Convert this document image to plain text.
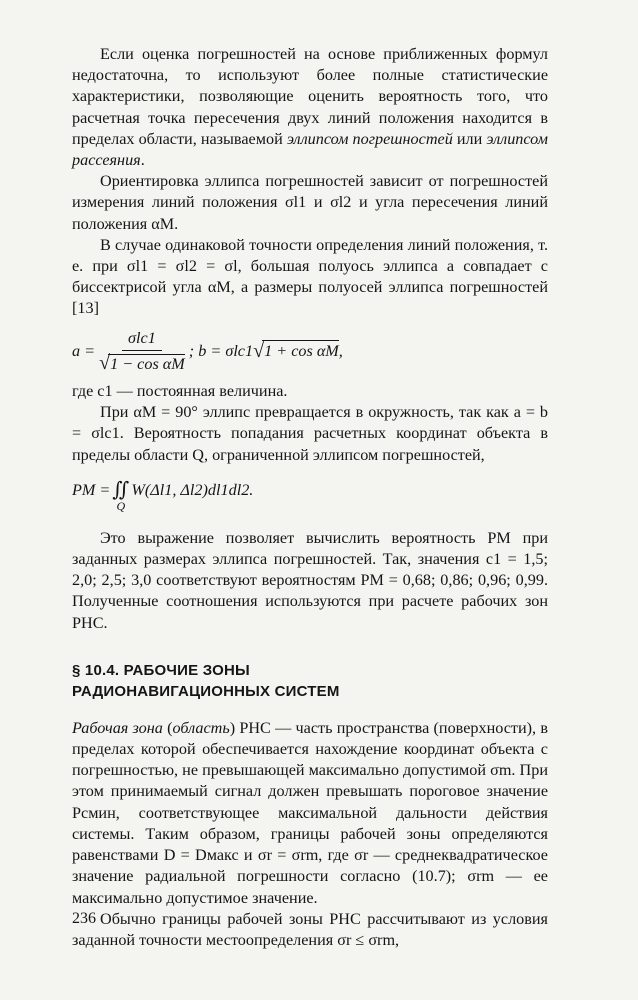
Если оценка погрешностей на основе приближенных формул недостаточна, то используют более полные статистические характеристики, позволяющие оценить вероятность того, что расчетная точка пересечения двух линий положения находится в пределах области, называемой эллипсом погрешностей или эллипсом рассеяния.

Ориентировка эллипса погрешностей зависит от погрешностей измерения линий положения σl1 и σl2 и угла пересечения линий положения αM.

В случае одинаковой точности определения линий положения, т. е. при σl1 = σl2 = σl, большая полуось эллипса a совпадает с биссектрисой угла αM, а размеры полуосей эллипса погрешностей [13]

$a = \frac{\text{σlc1}}{\text{√1 − cos αM}}$ ; b = σlc1 √ 1 + cos αM ,

где c1 — постоянная величина.

При αM = 90° эллипс превращается в окружность, так как a = b = σlc1. Вероятность попадания расчетных координат объекта в пределы области Q, ограниченной эллипсом погрешностей,

PM = ∬
Q
W(Δl1, Δl2)dl1dl2.

Это выражение позволяет вычислить вероятность PM при заданных размерах эллипса погрешностей. Так, значения c1 = 1,5; 2,0; 2,5; 3,0 соответствуют вероятностям PM = 0,68; 0,86; 0,96; 0,99. Полученные соотношения используются при расчете рабочих зон РНС.

§ 10.4. РАБОЧИЕ ЗОНЫ
РАДИОНАВИГАЦИОННЫХ СИСТЕМ

Рабочая зона (область) РНС — часть пространства (поверхности), в пределах которой обеспечивается нахождение координат объекта с погрешностью, не превышающей максимально допустимой σm. При этом принимаемый сигнал должен превышать пороговое значение Pсмин, соответствующее максимальной дальности действия системы. Таким образом, границы рабочей зоны определяются равенствами D = Dмакс и σr = σrm, где σr — среднеквадратическое значение радиальной погрешности согласно (10.7); σrm — ее максимально допустимое значение.

Обычно границы рабочей зоны РНС рассчитывают из условия заданной точности местоопределения σr ≤ σrm,

236
